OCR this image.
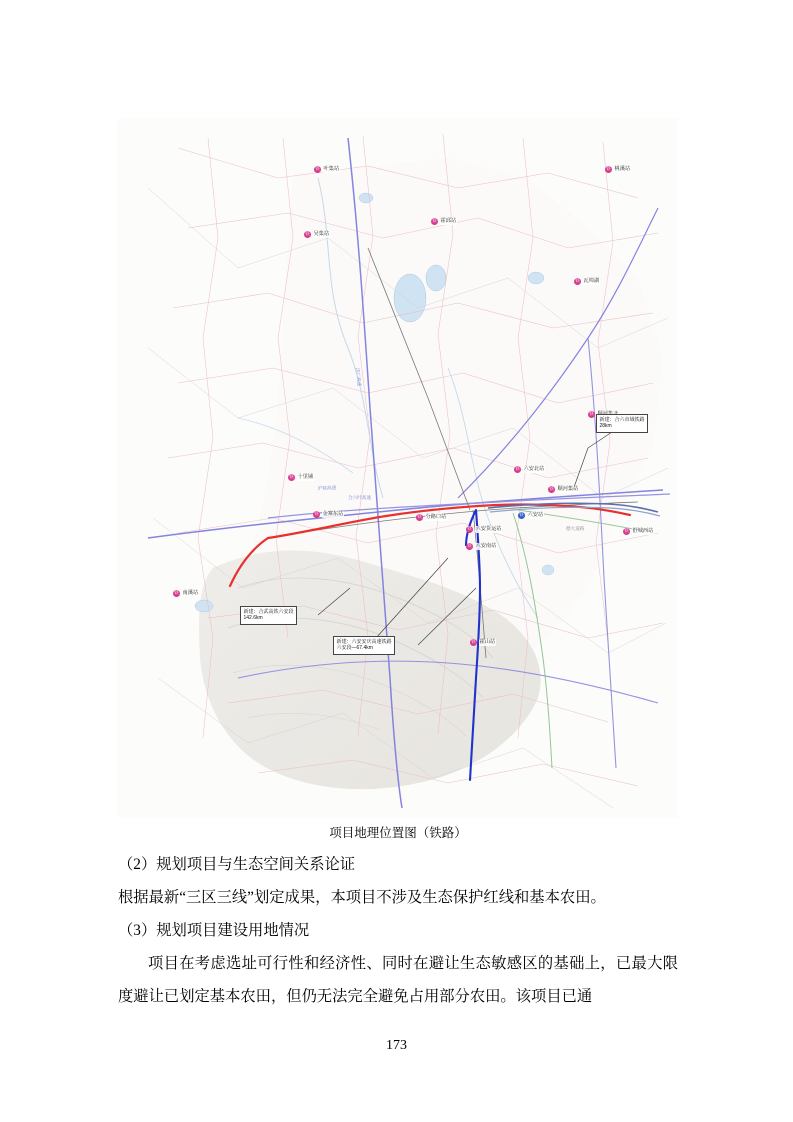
沪陕高速
济广高速
合六叶高速
德大道路
铁 吴集站
铁 霍邱站
铁 叶集站
铁 瓦埠湖
铁 十里铺
铁 六安北站
铁 金寨东站	铁 分路口站	铁 六安站
铁 六安货运站
铁 六安南站
铁 霍山站
铁 南溪站
铁 舒城西站
铁 顺河集站
铁
铁 桃溪站
新建：合六市域铁路
28km
新建：合武高铁六安段
142.6km
新建：六安安庆高速铁路
六安段—67.4km
项目地理位置图（铁路）

（2）规划项目与生态空间关系论证

根据最新“三区三线”划定成果，本项目不涉及生态保护红线和基本农田。

（3）规划项目建设用地情况

项目在考虑选址可行性和经济性、同时在避让生态敏感区的基础上，已最大限度避让已划定基本农田，但仍无法完全避免占用部分农田。该项目已通

173
